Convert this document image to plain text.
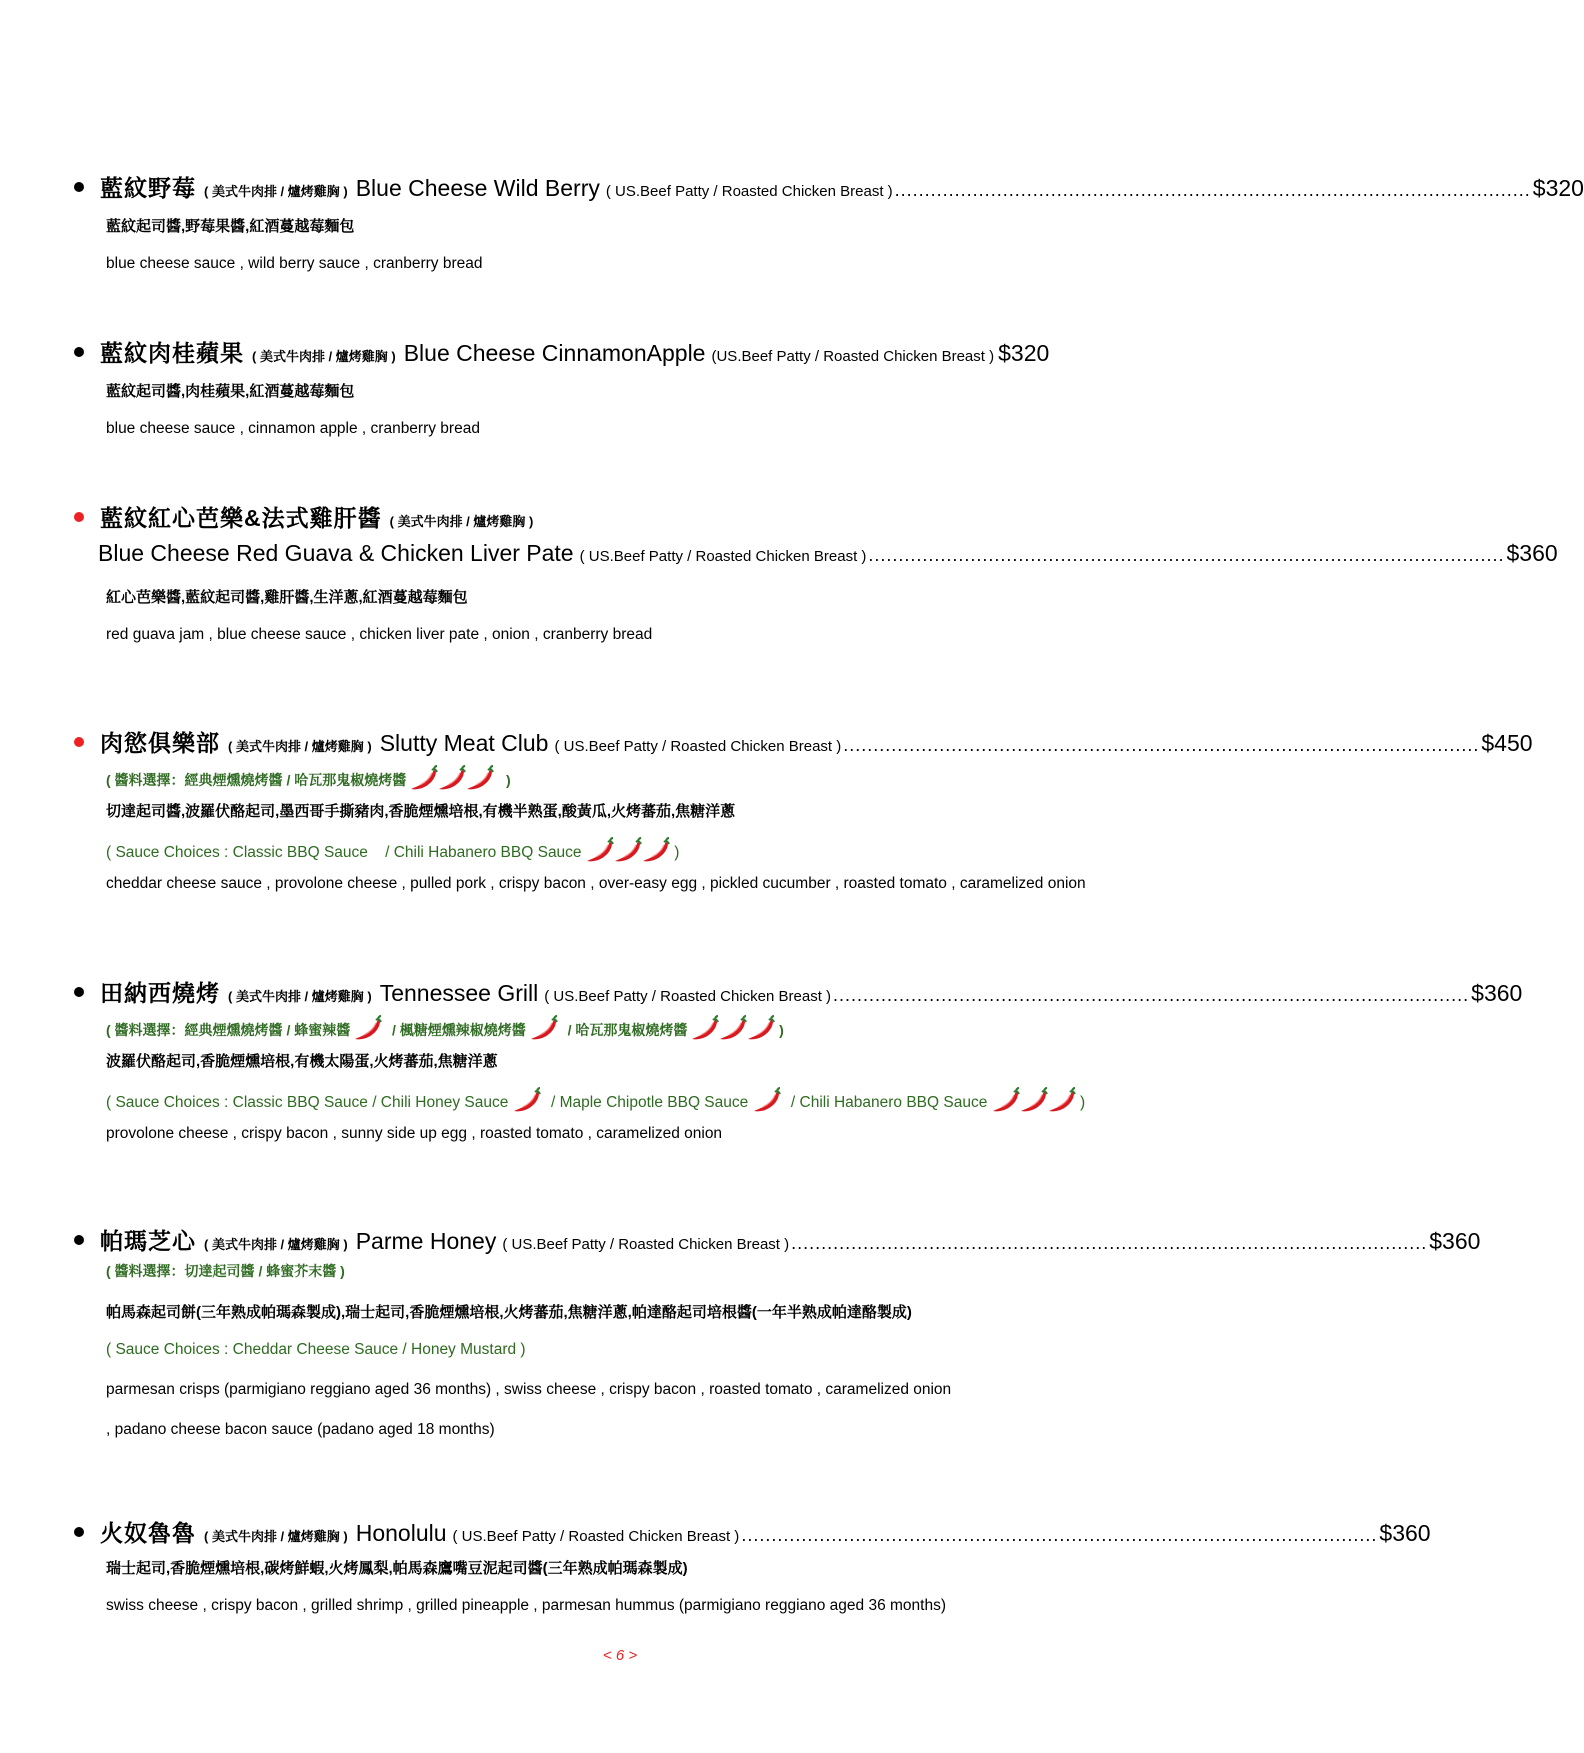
藍紋野莓 ( 美式牛肉排 / 爐烤雞胸 ) Blue Cheese Wild Berry ( US.Beef Patty / Roasted Chicken Breast ) .......................................................................................................... $320
藍紋起司醬,野莓果醬,紅酒蔓越莓麵包
blue cheese sauce , wild berry sauce , cranberry bread
藍紋肉桂蘋果 ( 美式牛肉排 / 爐烤雞胸 ) Blue Cheese CinnamonApple (US.Beef Patty / Roasted Chicken Breast ) $320
藍紋起司醬,肉桂蘋果,紅酒蔓越莓麵包
blue cheese sauce , cinnamon apple , cranberry bread
藍紋紅心芭樂&法式雞肝醬 ( 美式牛肉排 / 爐烤雞胸 )
Blue Cheese Red Guava & Chicken Liver Pate ( US.Beef Patty / Roasted Chicken Breast ) .......................................................................................................... $360
紅心芭樂醬,藍紋起司醬,雞肝醬,生洋蔥,紅酒蔓越莓麵包
red guava jam , blue cheese sauce , chicken liver pate , onion , cranberry bread
肉慾俱樂部 ( 美式牛肉排 / 爐烤雞胸 ) Slutty Meat Club ( US.Beef Patty / Roasted Chicken Breast ) .......................................................................................................... $450
( 醬料選擇：經典煙燻燒烤醬 / 哈瓦那鬼椒燒烤醬	)
切達起司醬,波羅伏酪起司,墨西哥手撕豬肉,香脆煙燻培根,有機半熟蛋,酸黃瓜,火烤蕃茄,焦糖洋蔥
( Sauce Choices : Classic BBQ Sauce    / Chili Habanero BBQ Sauce	)
cheddar cheese sauce , provolone cheese , pulled pork , crispy bacon , over-easy egg , pickled cucumber , roasted tomato , caramelized onion
田納西燒烤 ( 美式牛肉排 / 爐烤雞胸 ) Tennessee Grill ( US.Beef Patty / Roasted Chicken Breast ) .......................................................................................................... $360
( 醬料選擇：經典煙燻燒烤醬 / 蜂蜜辣醬	/ 楓糖煙燻辣椒燒烤醬	/ 哈瓦那鬼椒燒烤醬	)
波羅伏酪起司,香脆煙燻培根,有機太陽蛋,火烤蕃茄,焦糖洋蔥
( Sauce Choices : Classic BBQ Sauce / Chili Honey Sauce	/ Maple Chipotle BBQ Sauce	/ Chili Habanero BBQ Sauce	)
provolone cheese , crispy bacon , sunny side up egg , roasted tomato , caramelized onion
帕瑪芝心 ( 美式牛肉排 / 爐烤雞胸 ) Parme Honey ( US.Beef Patty / Roasted Chicken Breast ) .......................................................................................................... $360
( 醬料選擇：切達起司醬 / 蜂蜜芥末醬 )
帕馬森起司餅(三年熟成帕瑪森製成),瑞士起司,香脆煙燻培根,火烤蕃茄,焦糖洋蔥,帕達酪起司培根醬(一年半熟成帕達酪製成)
( Sauce Choices : Cheddar Cheese Sauce / Honey Mustard )
parmesan crisps (parmigiano reggiano aged 36 months) , swiss cheese , crispy bacon , roasted tomato , caramelized onion
, padano cheese bacon sauce (padano aged 18 months)
火奴魯魯 ( 美式牛肉排 / 爐烤雞胸 ) Honolulu ( US.Beef Patty / Roasted Chicken Breast ) .......................................................................................................... $360
瑞士起司,香脆煙燻培根,碳烤鮮蝦,火烤鳳梨,帕馬森鷹嘴豆泥起司醬(三年熟成帕瑪森製成)
swiss cheese , crispy bacon , grilled shrimp , grilled pineapple , parmesan hummus (parmigiano reggiano aged 36 months)
< 6 >
